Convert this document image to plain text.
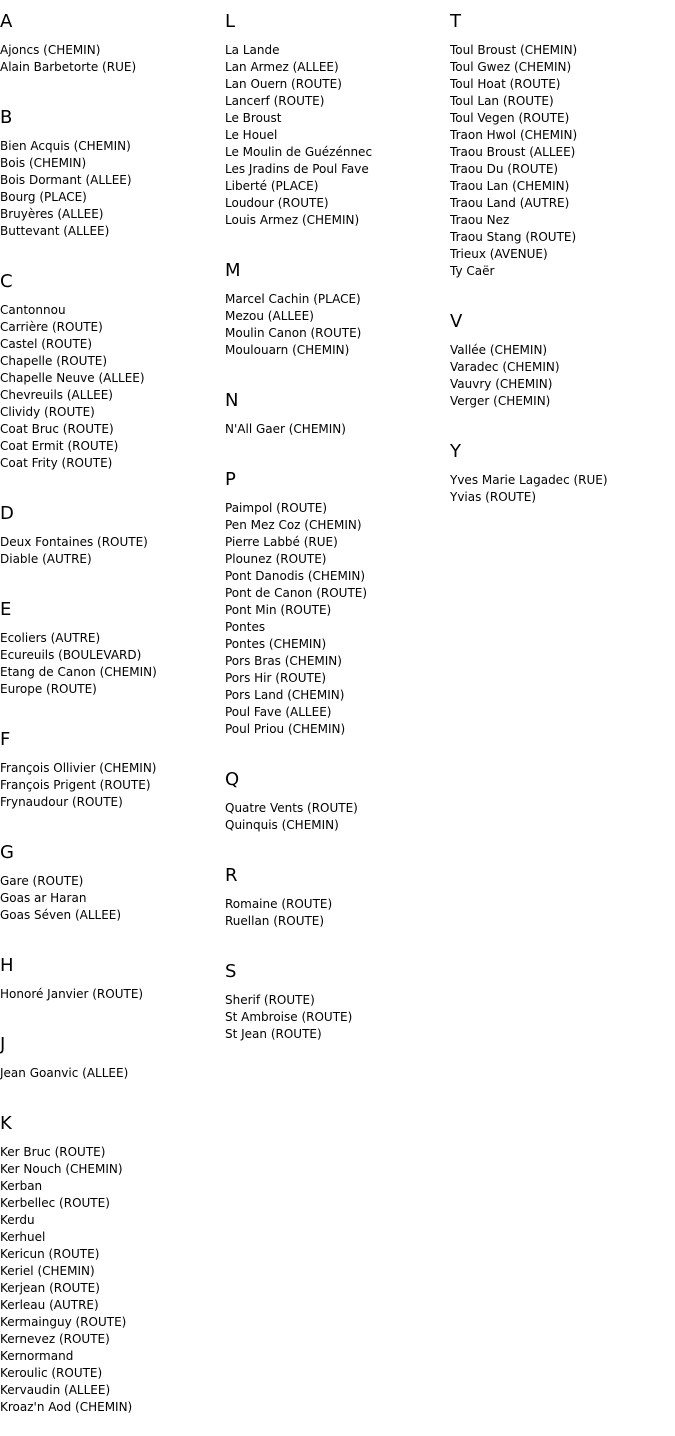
A
Ajoncs (CHEMIN)
Alain Barbetorte (RUE)
B
Bien Acquis (CHEMIN)
Bois (CHEMIN)
Bois Dormant (ALLEE)
Bourg (PLACE)
Bruyères (ALLEE)
Buttevant (ALLEE)
C
Cantonnou
Carrière (ROUTE)
Castel (ROUTE)
Chapelle (ROUTE)
Chapelle Neuve (ALLEE)
Chevreuils (ALLEE)
Clividy (ROUTE)
Coat Bruc (ROUTE)
Coat Ermit (ROUTE)
Coat Frity (ROUTE)
D
Deux Fontaines (ROUTE)
Diable (AUTRE)
E
Ecoliers (AUTRE)
Ecureuils (BOULEVARD)
Etang de Canon (CHEMIN)
Europe (ROUTE)
F
François Ollivier (CHEMIN)
François Prigent (ROUTE)
Frynaudour (ROUTE)
G
Gare (ROUTE)
Goas ar Haran
Goas Séven (ALLEE)
H
Honoré Janvier (ROUTE)
J
Jean Goanvic (ALLEE)
K
Ker Bruc (ROUTE)
Ker Nouch (CHEMIN)
Kerban
Kerbellec (ROUTE)
Kerdu
Kerhuel
Kericun (ROUTE)
Keriel (CHEMIN)
Kerjean (ROUTE)
Kerleau (AUTRE)
Kermainguy (ROUTE)
Kernevez (ROUTE)
Kernormand
Keroulic (ROUTE)
Kervaudin (ALLEE)
Kroaz'n Aod (CHEMIN)
L
La Lande
Lan Armez (ALLEE)
Lan Ouern (ROUTE)
Lancerf (ROUTE)
Le Broust
Le Houel
Le Moulin de Guézénnec
Les Jradins de Poul Fave
Liberté (PLACE)
Loudour (ROUTE)
Louis Armez (CHEMIN)
M
Marcel Cachin (PLACE)
Mezou (ALLEE)
Moulin Canon (ROUTE)
Moulouarn (CHEMIN)
N
N'All Gaer (CHEMIN)
P
Paimpol (ROUTE)
Pen Mez Coz (CHEMIN)
Pierre Labbé (RUE)
Plounez (ROUTE)
Pont Danodis (CHEMIN)
Pont de Canon (ROUTE)
Pont Min (ROUTE)
Pontes
Pontes (CHEMIN)
Pors Bras (CHEMIN)
Pors Hir (ROUTE)
Pors Land (CHEMIN)
Poul Fave (ALLEE)
Poul Priou (CHEMIN)
Q
Quatre Vents (ROUTE)
Quinquis (CHEMIN)
R
Romaine (ROUTE)
Ruellan (ROUTE)
S
Sherif (ROUTE)
St Ambroise (ROUTE)
St Jean (ROUTE)
T
Toul Broust (CHEMIN)
Toul Gwez (CHEMIN)
Toul Hoat (ROUTE)
Toul Lan (ROUTE)
Toul Vegen (ROUTE)
Traon Hwol (CHEMIN)
Traou Broust (ALLEE)
Traou Du (ROUTE)
Traou Lan (CHEMIN)
Traou Land (AUTRE)
Traou Nez
Traou Stang (ROUTE)
Trieux (AVENUE)
Ty Caër
V
Vallée (CHEMIN)
Varadec (CHEMIN)
Vauvry (CHEMIN)
Verger (CHEMIN)
Y
Yves Marie Lagadec (RUE)
Yvias (ROUTE)
